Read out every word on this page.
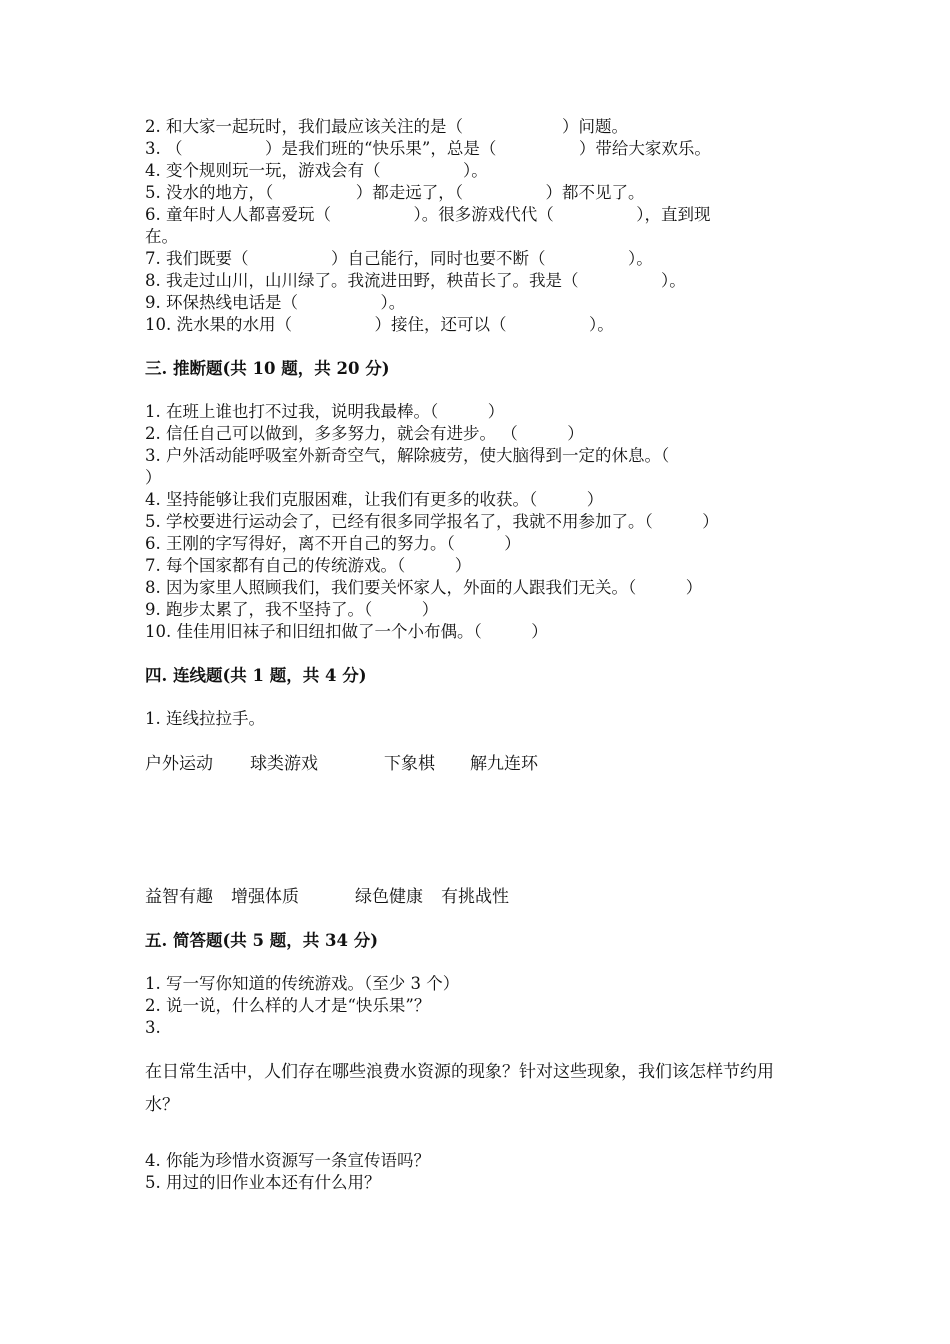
2. 和大家一起玩时，我们最应该关注的是（　　　　　　）问题。
3. （　　　　　）是我们班的“快乐果”，总是（　　　　　）带给大家欢乐。
4. 变个规则玩一玩，游戏会有（　　　　　）。
5. 没水的地方，（　　　　　）都走远了，（　　　　　）都不见了。
6. 童年时人人都喜爱玩（　　　　　）。很多游戏代代（　　　　　），直到现
在。
7. 我们既要（　　　　　）自己能行，同时也要不断（　　　　　）。
8. 我走过山川，山川绿了。我流进田野，秧苗长了。我是（　　　　　）。
9. 环保热线电话是（　　　　　）。
10. 洗水果的水用（　　　　　）接住，还可以（　　　　　）。
三. 推断题(共 10 题，共 20 分)
1. 在班上谁也打不过我，说明我最棒。（　　　）
2. 信任自己可以做到，多多努力，就会有进步。 （　　　）
3. 户外活动能呼吸室外新奇空气，解除疲劳，使大脑得到一定的休息。（
）
4. 坚持能够让我们克服困难，让我们有更多的收获。（　　　）
5. 学校要进行运动会了，已经有很多同学报名了，我就不用参加了。（　　　）
6. 王刚的字写得好，离不开自己的努力。（　　　）
7. 每个国家都有自己的传统游戏。（　　　）
8. 因为家里人照顾我们，我们要关怀家人，外面的人跟我们无关。（　　　）
9. 跑步太累了，我不坚持了。（　　　）
10. 佳佳用旧袜子和旧纽扣做了一个小布偶。（　　　）
四. 连线题(共 1 题，共 4 分)
1. 连线拉拉手。
户外运动 球类游戏	下象棋 解九连环
益智有趣 增强体质	绿色健康 有挑战性
五. 简答题(共 5 题，共 34 分)
1. 写一写你知道的传统游戏。（至少 3 个）
2. 说一说，什么样的人才是“快乐果”？
3.
在日常生活中，人们存在哪些浪费水资源的现象？针对这些现象，我们该怎样节约用水？
4. 你能为珍惜水资源写一条宣传语吗？
5. 用过的旧作业本还有什么用？
